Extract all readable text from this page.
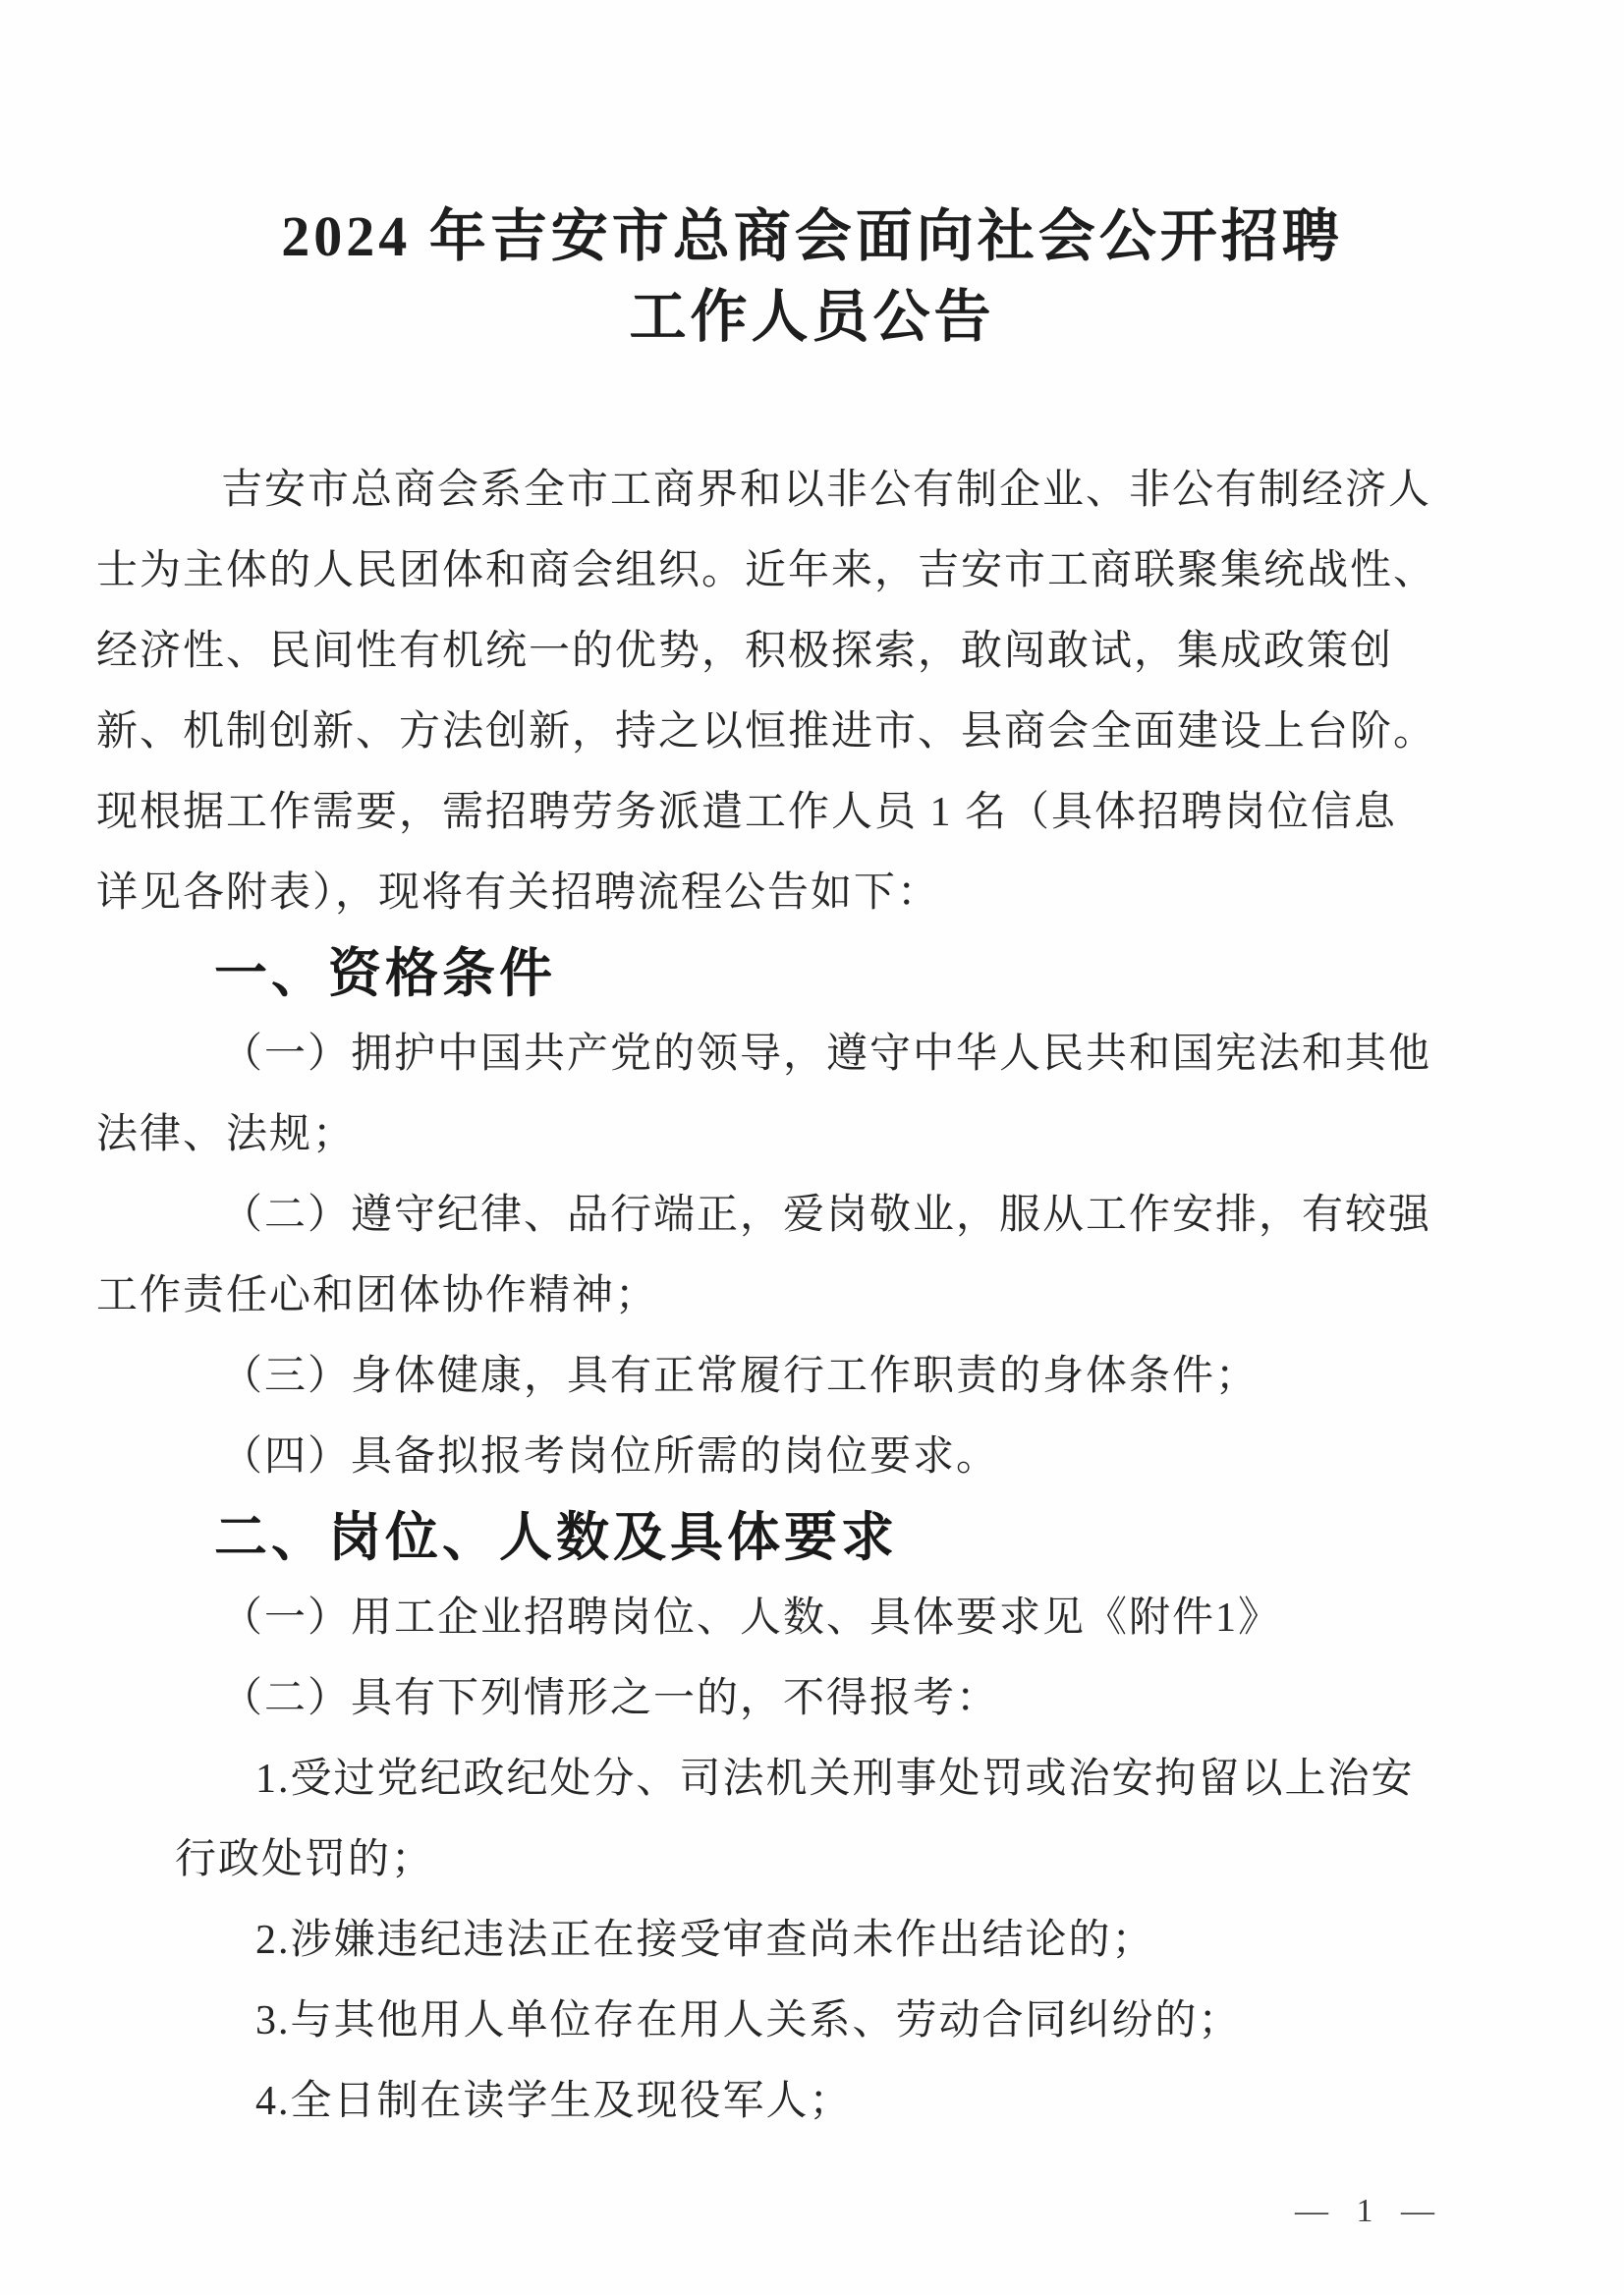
2024 年吉安市总商会面向社会公开招聘
工作人员公告
吉安市总商会系全市工商界和以非公有制企业、非公有制经济人
士为主体的人民团体和商会组织。近年来，吉安市工商联聚集统战性、
经济性、民间性有机统一的优势，积极探索，敢闯敢试，集成政策创
新、机制创新、方法创新，持之以恒推进市、县商会全面建设上台阶。
现根据工作需要，需招聘劳务派遣工作人员 1 名（具体招聘岗位信息
详见各附表），现将有关招聘流程公告如下：
一、资格条件
（一）拥护中国共产党的领导，遵守中华人民共和国宪法和其他
法律、法规；
（二）遵守纪律、品行端正，爱岗敬业，服从工作安排，有较强
工作责任心和团体协作精神；
（三）身体健康，具有正常履行工作职责的身体条件；
（四）具备拟报考岗位所需的岗位要求。
二、岗位、人数及具体要求
（一）用工企业招聘岗位、人数、具体要求见《附件1》
（二）具有下列情形之一的，不得报考：
1.受过党纪政纪处分、司法机关刑事处罚或治安拘留以上治安
行政处罚的；
2.涉嫌违纪违法正在接受审查尚未作出结论的；
3.与其他用人单位存在用人关系、劳动合同纠纷的；
4.全日制在读学生及现役军人；
— 1 —
